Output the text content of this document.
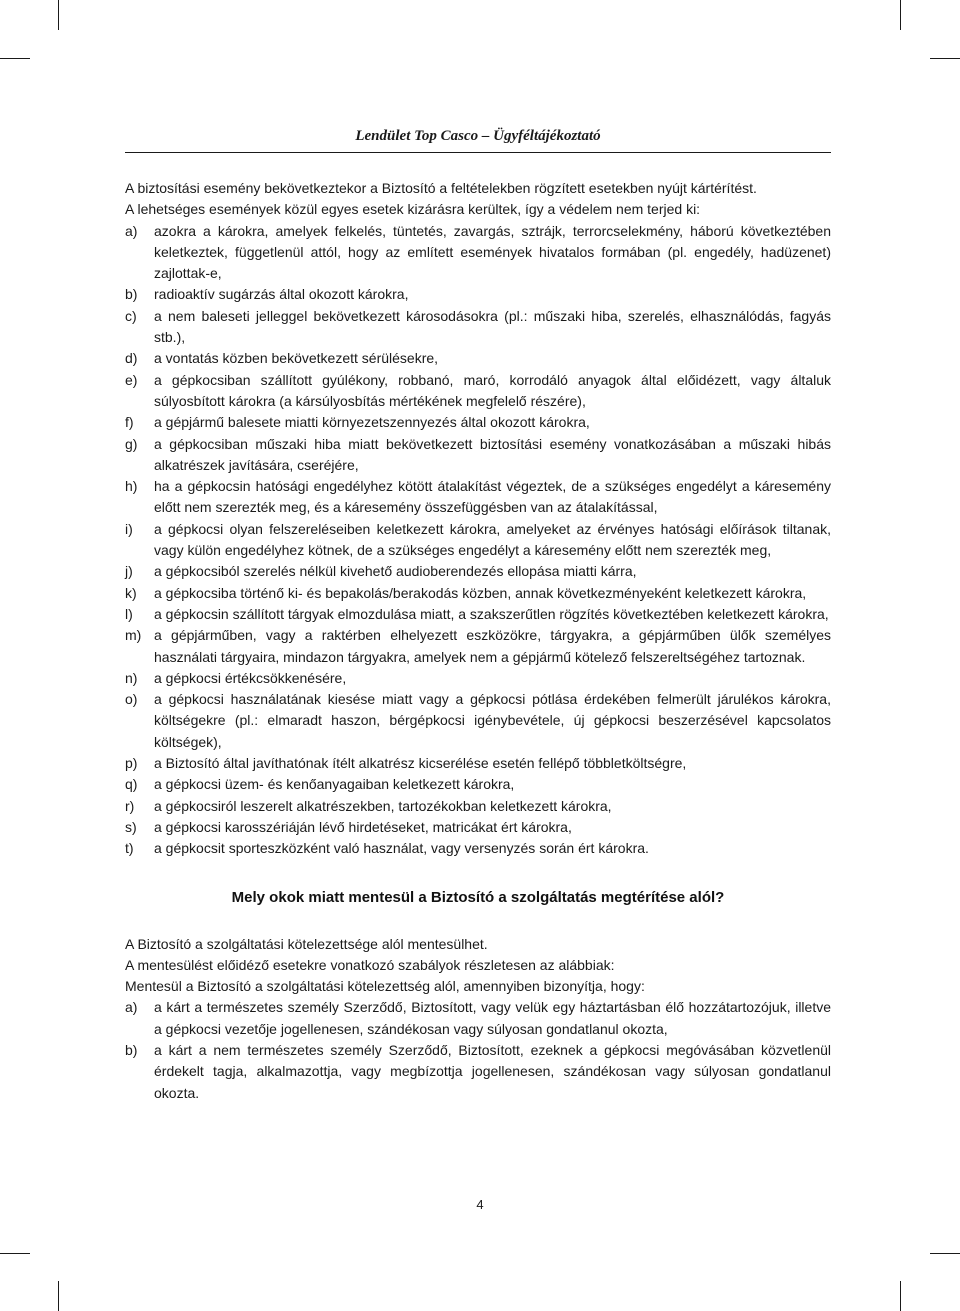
Lendület Top Casco – Ügyféltájékoztató

A biztosítási esemény bekövetkeztekor a Biztosító a feltételekben rögzített esetekben nyújt kártérítést.

A lehetséges események közül egyes esetek kizárásra kerültek, így a védelem nem terjed ki:

a)	azokra a károkra, amelyek felkelés, tüntetés, zavargás, sztrájk, terrorcselekmény, háború következtében keletkeztek, függetlenül attól, hogy az említett események hivatalos formában (pl. engedély, hadüzenet) zajlottak-e,
b)	radioaktív sugárzás által okozott károkra,
c)	a nem baleseti jelleggel bekövetkezett károsodásokra (pl.: műszaki hiba, szerelés, elhasználódás, fagyás stb.),
d)	a vontatás közben bekövetkezett sérülésekre,
e)	a gépkocsiban szállított gyúlékony, robbanó, maró, korrodáló anyagok által előidézett, vagy általuk súlyosbított károkra (a kársúlyosbítás mértékének megfelelő részére),
f)	a gépjármű balesete miatti környezetszennyezés által okozott károkra,
g)	a gépkocsiban műszaki hiba miatt bekövetkezett biztosítási esemény vonatkozásában a műszaki hibás alkatrészek javítására, cseréjére,
h)	ha a gépkocsin hatósági engedélyhez kötött átalakítást végeztek, de a szükséges engedélyt a káresemény előtt nem szerezték meg, és a káresemény összefüggésben van az átalakítással,
i)	a gépkocsi olyan felszereléseiben keletkezett károkra, amelyeket az érvényes hatósági előírások tiltanak, vagy külön engedélyhez kötnek, de a szükséges engedélyt a káresemény előtt nem szerezték meg,
j)	a gépkocsiból szerelés nélkül kivehető audioberendezés ellopása miatti kárra,
k)	a gépkocsiba történő ki- és bepakolás/berakodás közben, annak következményeként keletkezett károkra,
l)	a gépkocsin szállított tárgyak elmozdulása miatt, a szakszerűtlen rögzítés következtében keletkezett károkra,
m) a gépjárműben, vagy a raktérben elhelyezett eszközökre, tárgyakra, a gépjárműben ülők személyes használati tárgyaira, mindazon tárgyakra, amelyek nem a gépjármű kötelező felszereltségéhez tartoznak.
n)	a gépkocsi értékcsökkenésére,
o)	a gépkocsi használatának kiesése miatt vagy a gépkocsi pótlása érdekében felmerült járulékos károkra, költségekre (pl.: elmaradt haszon, bérgépkocsi igénybevétele, új gépkocsi beszerzésével kapcsolatos költségek),
p)	a Biztosító által javíthatónak ítélt alkatrész kicserélése esetén fellépő többletköltségre,
q)	a gépkocsi üzem- és kenőanyagaiban keletkezett károkra,
r)	a gépkocsiról leszerelt alkatrészekben, tartozékokban keletkezett károkra,
s)	a gépkocsi karosszériáján lévő hirdetéseket, matricákat ért károkra,
t)	a gépkocsit sporteszközként való használat, vagy versenyzés során ért károkra.
Mely okok miatt mentesül a Biztosító a szolgáltatás megtérítése alól?

A Biztosító a szolgáltatási kötelezettsége alól mentesülhet.

A mentesülést előidéző esetekre vonatkozó szabályok részletesen az alábbiak:

Mentesül a Biztosító a szolgáltatási kötelezettség alól, amennyiben bizonyítja, hogy:

a)	a kárt a természetes személy Szerződő, Biztosított, vagy velük egy háztartásban élő hozzátartozójuk, illetve a gépkocsi vezetője jogellenesen, szándékosan vagy súlyosan gondatlanul okozta,
b)	a kárt a nem természetes személy Szerződő, Biztosított, ezeknek a gépkocsi megóvásában közvetlenül érdekelt tagja, alkalmazottja, vagy megbízottja jogellenesen, szándékosan vagy súlyosan gondatlanul okozta.
4
